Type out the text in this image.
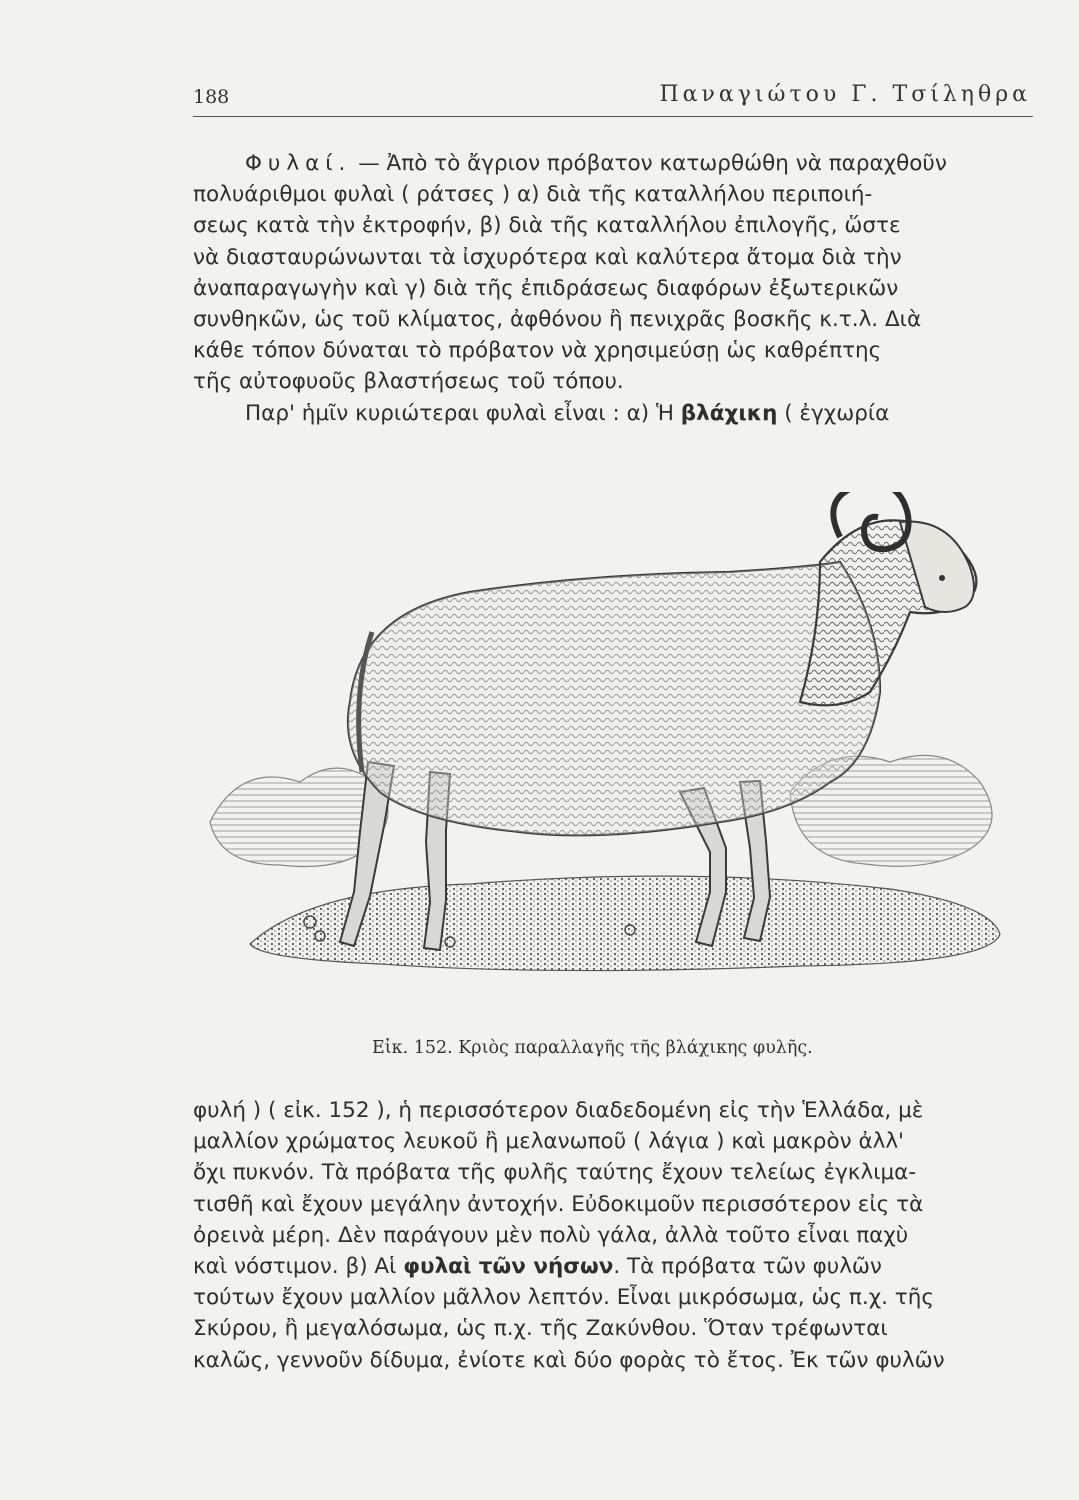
188	Παναγιώτου Γ. Τσίληθρα
Φυλαί. — Ἀπὸ τὸ ἄγριον πρόβατον κατωρθώθη νὰ παραχθοῦν
πολυάριθμοι φυλαὶ ( ράτσες ) α) διὰ τῆς καταλλήλου περιποιή-
σεως κατὰ τὴν ἐκτροφήν, β) διὰ τῆς καταλλήλου ἐπιλογῆς, ὥστε
νὰ διασταυρώνωνται τὰ ἰσχυρότερα καὶ καλύτερα ἄτομα διὰ τὴν
ἀναπαραγωγὴν καὶ γ) διὰ τῆς ἐπιδράσεως διαφόρων ἐξωτερικῶν
συνθηκῶν, ὡς τοῦ κλίματος, ἀφθόνου ἢ πενιχρᾶς βοσκῆς κ.τ.λ. Διὰ
κάθε τόπον δύναται τὸ πρόβατον νὰ χρησιμεύσῃ ὡς καθρέπτης
τῆς αὐτοφυοῦς βλαστήσεως τοῦ τόπου.
Παρ' ἡμῖν κυριώτεραι φυλαὶ εἶναι : α) Ἡ βλάχικη ( ἐγχωρία
Εἰκ. 152. Κριὸς παραλλαγῆς τῆς βλάχικης φυλῆς.
φυλή ) ( εἰκ. 152 ), ἡ περισσότερον διαδεδομένη εἰς τὴν Ἑλλάδα, μὲ
μαλλίον χρώματος λευκοῦ ἢ μελανωποῦ ( λάγια ) καὶ μακρὸν ἀλλ'
ὄχι πυκνόν. Τὰ πρόβατα τῆς φυλῆς ταύτης ἔχουν τελείως ἐγκλιμα-
τισθῆ καὶ ἔχουν μεγάλην ἀντοχήν. Εὐδοκιμοῦν περισσότερον εἰς τὰ
ὀρεινὰ μέρη. Δὲν παράγουν μὲν πολὺ γάλα, ἀλλὰ τοῦτο εἶναι παχὺ
καὶ νόστιμον. β) Αἱ φυλαὶ τῶν νήσων. Τὰ πρόβατα τῶν φυλῶν
τούτων ἔχουν μαλλίον μᾶλλον λεπτόν. Εἶναι μικρόσωμα, ὡς π.χ. τῆς
Σκύρου, ἢ μεγαλόσωμα, ὡς π.χ. τῆς Ζακύνθου. Ὅταν τρέφωνται
καλῶς, γεννοῦν δίδυμα, ἐνίοτε καὶ δύο φορὰς τὸ ἔτος. Ἐκ τῶν φυλῶν
